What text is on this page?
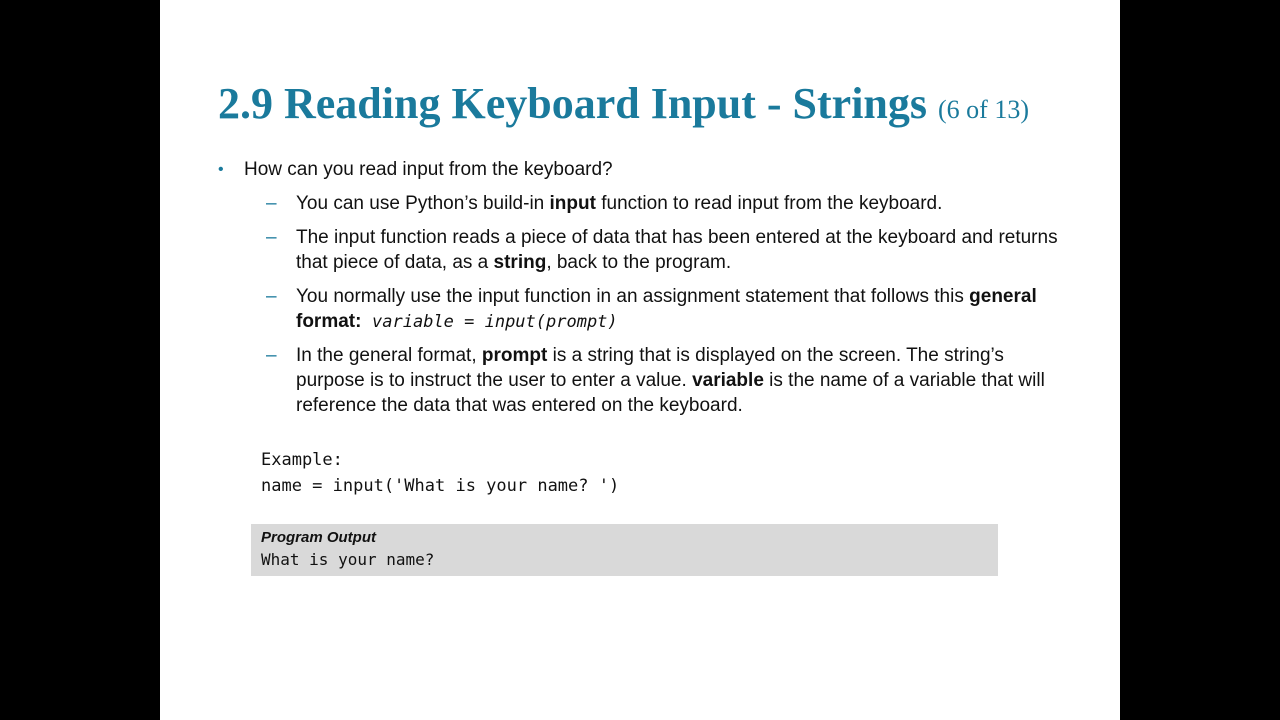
2.9 Reading Keyboard Input - Strings (6 of 13)
• How can you read input from the keyboard?
– You can use Python’s build-in input function to read input from the keyboard.
– The input function reads a piece of data that has been entered at the keyboard and returns that piece of data, as a string, back to the program.
– You normally use the input function in an assignment statement that follows this general format: variable = input(prompt)
– In the general format, prompt is a string that is displayed on the screen. The string’s purpose is to instruct the user to enter a value. variable is the name of a variable that will reference the data that was entered on the keyboard.
Example:
name = input('What is your name? ')
Program Output
What is your name?
